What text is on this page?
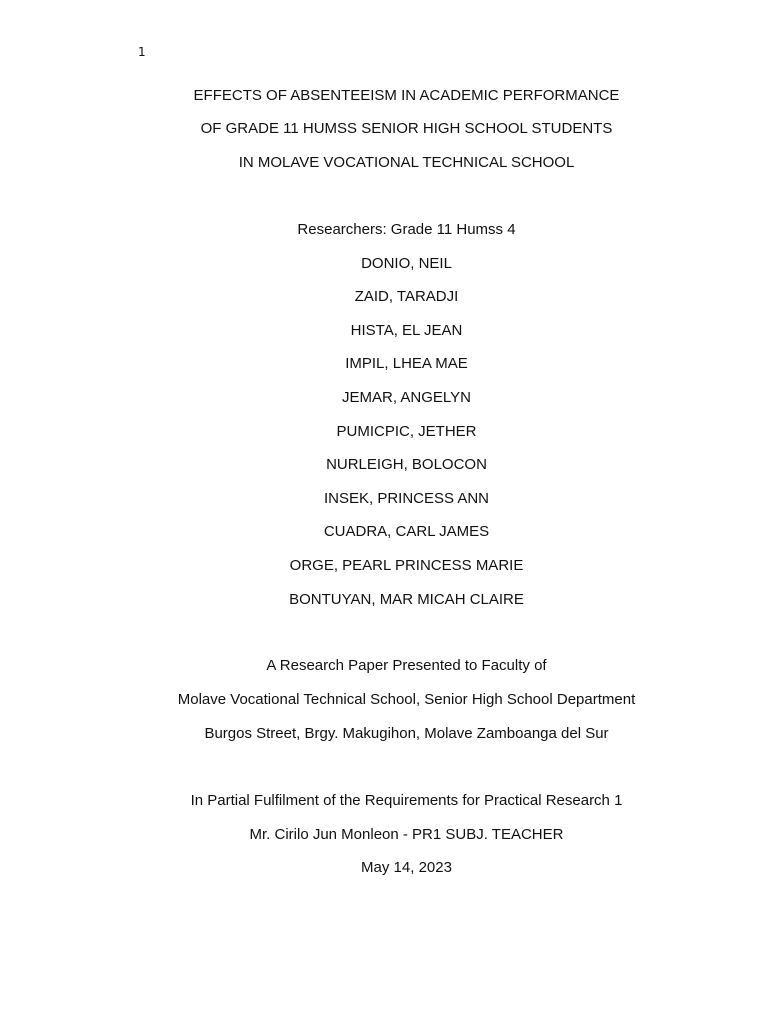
1
EFFECTS OF ABSENTEEISM IN ACADEMIC PERFORMANCE
OF GRADE 11 HUMSS SENIOR HIGH SCHOOL STUDENTS
IN MOLAVE VOCATIONAL TECHNICAL SCHOOL
Researchers: Grade 11 Humss 4
DONIO, NEIL
ZAID, TARADJI
HISTA, EL JEAN
IMPIL, LHEA MAE
JEMAR, ANGELYN
PUMICPIC, JETHER
NURLEIGH, BOLOCON
INSEK, PRINCESS ANN
CUADRA, CARL JAMES
ORGE, PEARL PRINCESS MARIE
BONTUYAN, MAR MICAH CLAIRE
A Research Paper Presented to Faculty of
Molave Vocational Technical School, Senior High School Department
Burgos Street, Brgy. Makugihon, Molave Zamboanga del Sur
In Partial Fulfilment of the Requirements for Practical Research 1
Mr. Cirilo Jun Monleon - PR1 SUBJ. TEACHER
May 14, 2023
